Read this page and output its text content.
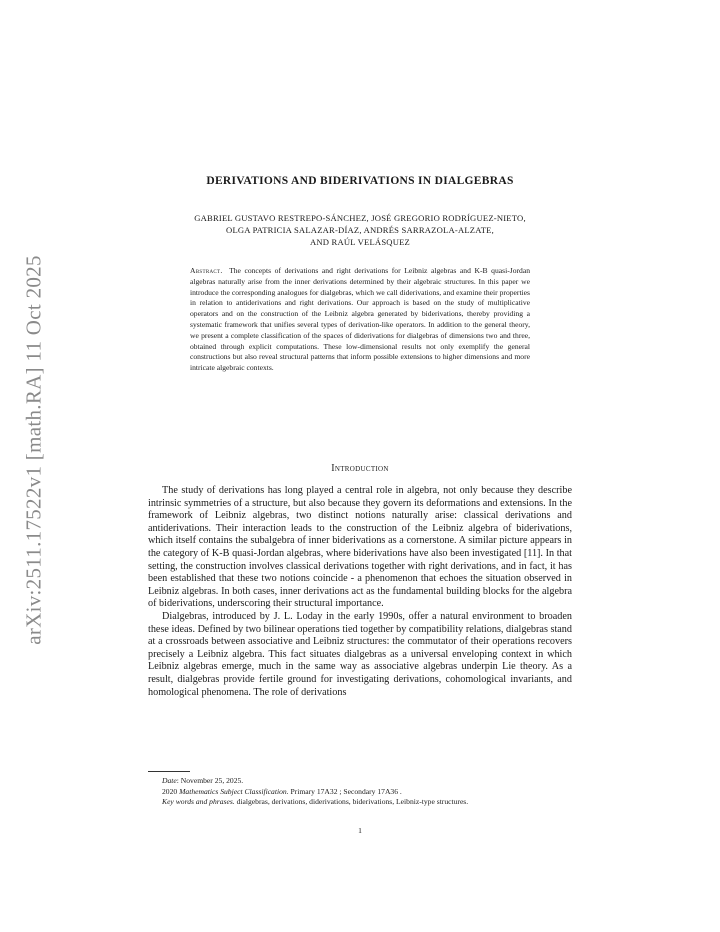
arXiv:2511.17522v1 [math.RA] 11 Oct 2025
DERIVATIONS AND BIDERIVATIONS IN DIALGEBRAS
GABRIEL GUSTAVO RESTREPO-SÁNCHEZ, JOSÉ GREGORIO RODRÍGUEZ-NIETO,
OLGA PATRICIA SALAZAR-DÍAZ, ANDRÉS SARRAZOLA-ALZATE,
AND RAÚL VELÁSQUEZ

Abstract. The concepts of derivations and right derivations for Leibniz algebras and K-B quasi-Jordan algebras naturally arise from the inner derivations determined by their algebraic structures. In this paper we introduce the corresponding analogues for dialgebras, which we call diderivations, and examine their properties in relation to antiderivations and right derivations. Our approach is based on the study of multiplicative operators and on the construction of the Leibniz algebra generated by biderivations, thereby providing a systematic framework that unifies several types of derivation-like operators. In addition to the general theory, we present a complete classification of the spaces of diderivations for dialgebras of dimensions two and three, obtained through explicit computations. These low-dimensional results not only exemplify the general constructions but also reveal structural patterns that inform possible extensions to higher dimensions and more intricate algebraic contexts.

Introduction

The study of derivations has long played a central role in algebra, not only because they describe intrinsic symmetries of a structure, but also because they govern its deformations and extensions. In the framework of Leibniz algebras, two distinct notions naturally arise: classical derivations and antiderivations. Their interaction leads to the construction of the Leibniz algebra of biderivations, which itself contains the subalgebra of inner biderivations as a cornerstone. A similar picture appears in the category of K-B quasi-Jordan algebras, where biderivations have also been investigated [11]. In that setting, the construction involves classical derivations together with right derivations, and in fact, it has been established that these two notions coincide - a phenomenon that echoes the situation observed in Leibniz algebras. In both cases, inner derivations act as the fundamental building blocks for the algebra of biderivations, underscoring their structural importance.

Dialgebras, introduced by J. L. Loday in the early 1990s, offer a natural environment to broaden these ideas. Defined by two bilinear operations tied together by compatibility relations, dialgebras stand at a crossroads between associative and Leibniz structures: the commutator of their operations recovers precisely a Leibniz algebra. This fact situates dialgebras as a universal enveloping context in which Leibniz algebras emerge, much in the same way as associative algebras underpin Lie theory. As a result, dialgebras provide fertile ground for investigating derivations, cohomological invariants, and homological phenomena. The role of derivations

Date: November 25, 2025.

2020 Mathematics Subject Classification. Primary 17A32 ; Secondary 17A36 .

Key words and phrases. dialgebras, derivations, diderivations, biderivations, Leibniz-type structures.

1
